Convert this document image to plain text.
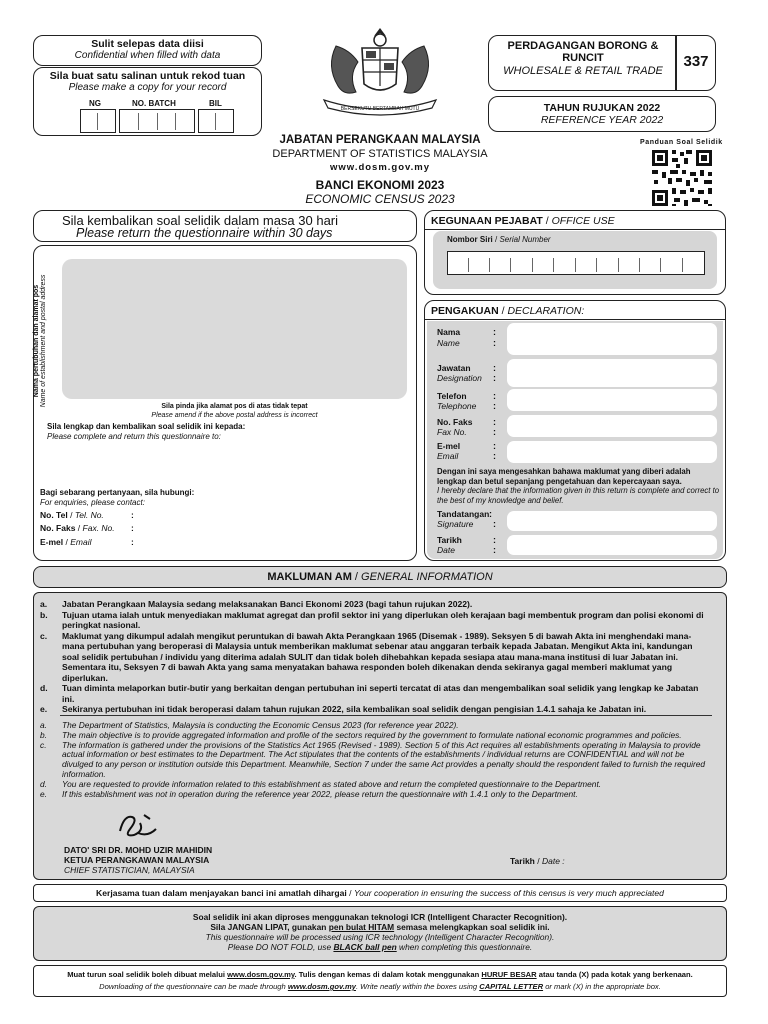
Sulit selepas data diisi
Confidential when filled with data
Sila buat satu salinan untuk rekod tuan
Please make a copy for your record
NG	NO. BATCH	BIL
BERSEKUTU BERTAMBAH MUTU
JABATAN PERANGKAAN MALAYSIA
DEPARTMENT OF STATISTICS MALAYSIA
www.dosm.gov.my
BANCI EKONOMI 2023
ECONOMIC CENSUS 2023
PERDAGANGAN BORONG & RUNCIT
WHOLESALE & RETAIL TRADE
337
TAHUN RUJUKAN 2022
REFERENCE YEAR 2022
Panduan Soal Selidik
Sila kembalikan soal selidik dalam masa 30 hari
Please return the questionnaire within 30 days
Nama pertubuhan dan alamat pos Name of establishment and postal address	Sila pinda jika alamat pos di atas tidak tepat
Please amend if the above postal address is incorrect
Sila lengkap dan kembalikan soal selidik ini kepada:
Please complete and return this questionnaire to:
Bagi sebarang pertanyaan, sila hubungi:
For enquiries, please contact:
No. Tel / Tel. No.	:
No. Faks / Fax. No. :
E-mel / Email	:
KEGUNAAN PEJABAT / OFFICE USE
Nombor Siri / Serial Number
PENGAKUAN / DECLARATION:
Nama
Name
:
:
Jawatan
Designation
:
:
Telefon
Telephone
:
:
No. Faks
Fax No.
:
:
E-mel
Email
:
:
Dengan ini saya mengesahkan bahawa maklumat yang diberi adalah lengkap dan betul sepanjang pengetahuan dan kepercayaan saya.
I hereby declare that the information given in this return is complete and correct to the best of my knowledge and belief.
Tandatangan :
Signature :
Tarikh	:
Date	:
MAKLUMAN AM / GENERAL INFORMATION
a. Jabatan Perangkaan Malaysia sedang melaksanakan Banci Ekonomi 2023 (bagi tahun rujukan 2022).
b. Tujuan utama ialah untuk menyediakan maklumat agregat dan profil sektor ini yang diperlukan oleh kerajaan bagi membentuk program dan polisi ekonomi di peringkat nasional.
c. Maklumat yang dikumpul adalah mengikut peruntukan di bawah Akta Perangkaan 1965 (Disemak - 1989). Seksyen 5 di bawah Akta ini menghendaki mana-mana pertubuhan yang beroperasi di Malaysia untuk memberikan maklumat sebenar atau anggaran terbaik kepada Jabatan. Mengikut Akta ini, kandungan soal selidik pertubuhan / individu yang diterima adalah SULIT dan tidak boleh dihebahkan kepada sesiapa atau mana-mana institusi di luar Jabatan ini. Sementara itu, Seksyen 7 di bawah Akta yang sama menyatakan bahawa responden boleh dikenakan denda sekiranya gagal memberi maklumat yang diperlukan.
d. Tuan diminta melaporkan butir-butir yang berkaitan dengan pertubuhan ini seperti tercatat di atas dan mengembalikan soal selidik yang lengkap ke Jabatan ini.
e. Sekiranya pertubuhan ini tidak beroperasi dalam tahun rujukan 2022, sila kembalikan soal selidik dengan pengisian 1.4.1 sahaja ke Jabatan ini.
a. The Department of Statistics, Malaysia is conducting the Economic Census 2023 (for reference year 2022).
b. The main objective is to provide aggregated information and profile of the sectors required by the government to formulate national economic programmes and policies.
c. The information is gathered under the provisions of the Statistics Act 1965 (Revised - 1989). Section 5 of this Act requires all establishments operating in Malaysia to provide actual information or best estimates to the Department. The Act stipulates that the contents of the establishments / individual returns are CONFIDENTIAL and will not be divulged to any person or institution outside this Department. Meanwhile, Section 7 under the same Act provides a penalty should the respondent failed to furnish the required information.
d. You are requested to provide information related to this establishment as stated above and return the completed questionnaire to the Department.
e. If this establishment was not in operation during the reference year 2022, please return the questionnaire with 1.4.1 only to the Department.
DATO' SRI DR. MOHD UZIR MAHIDIN
KETUA PERANGKAWAN MALAYSIA
CHIEF STATISTICIAN, MALAYSIA
Tarikh / Date :
Kerjasama tuan dalam menjayakan banci ini amatlah dihargai / Your cooperation in ensuring the success of this census is very much appreciated
Soal selidik ini akan diproses menggunakan teknologi ICR (Intelligent Character Recognition).
Sila JANGAN LIPAT, gunakan pen bulat HITAM semasa melengkapkan soal selidik ini.
This questionnaire will be processed using ICR technology (Intelligent Character Recognition).
Please DO NOT FOLD, use BLACK ball pen when completing this questionnaire.
Muat turun soal selidik boleh dibuat melalui www.dosm.gov.my. Tulis dengan kemas di dalam kotak menggunakan HURUF BESAR atau tanda (X) pada kotak yang berkenaan.
Downloading of the questionnaire can be made through www.dosm.gov.my. Write neatly within the boxes using CAPITAL LETTER or mark (X) in the appropriate box.
